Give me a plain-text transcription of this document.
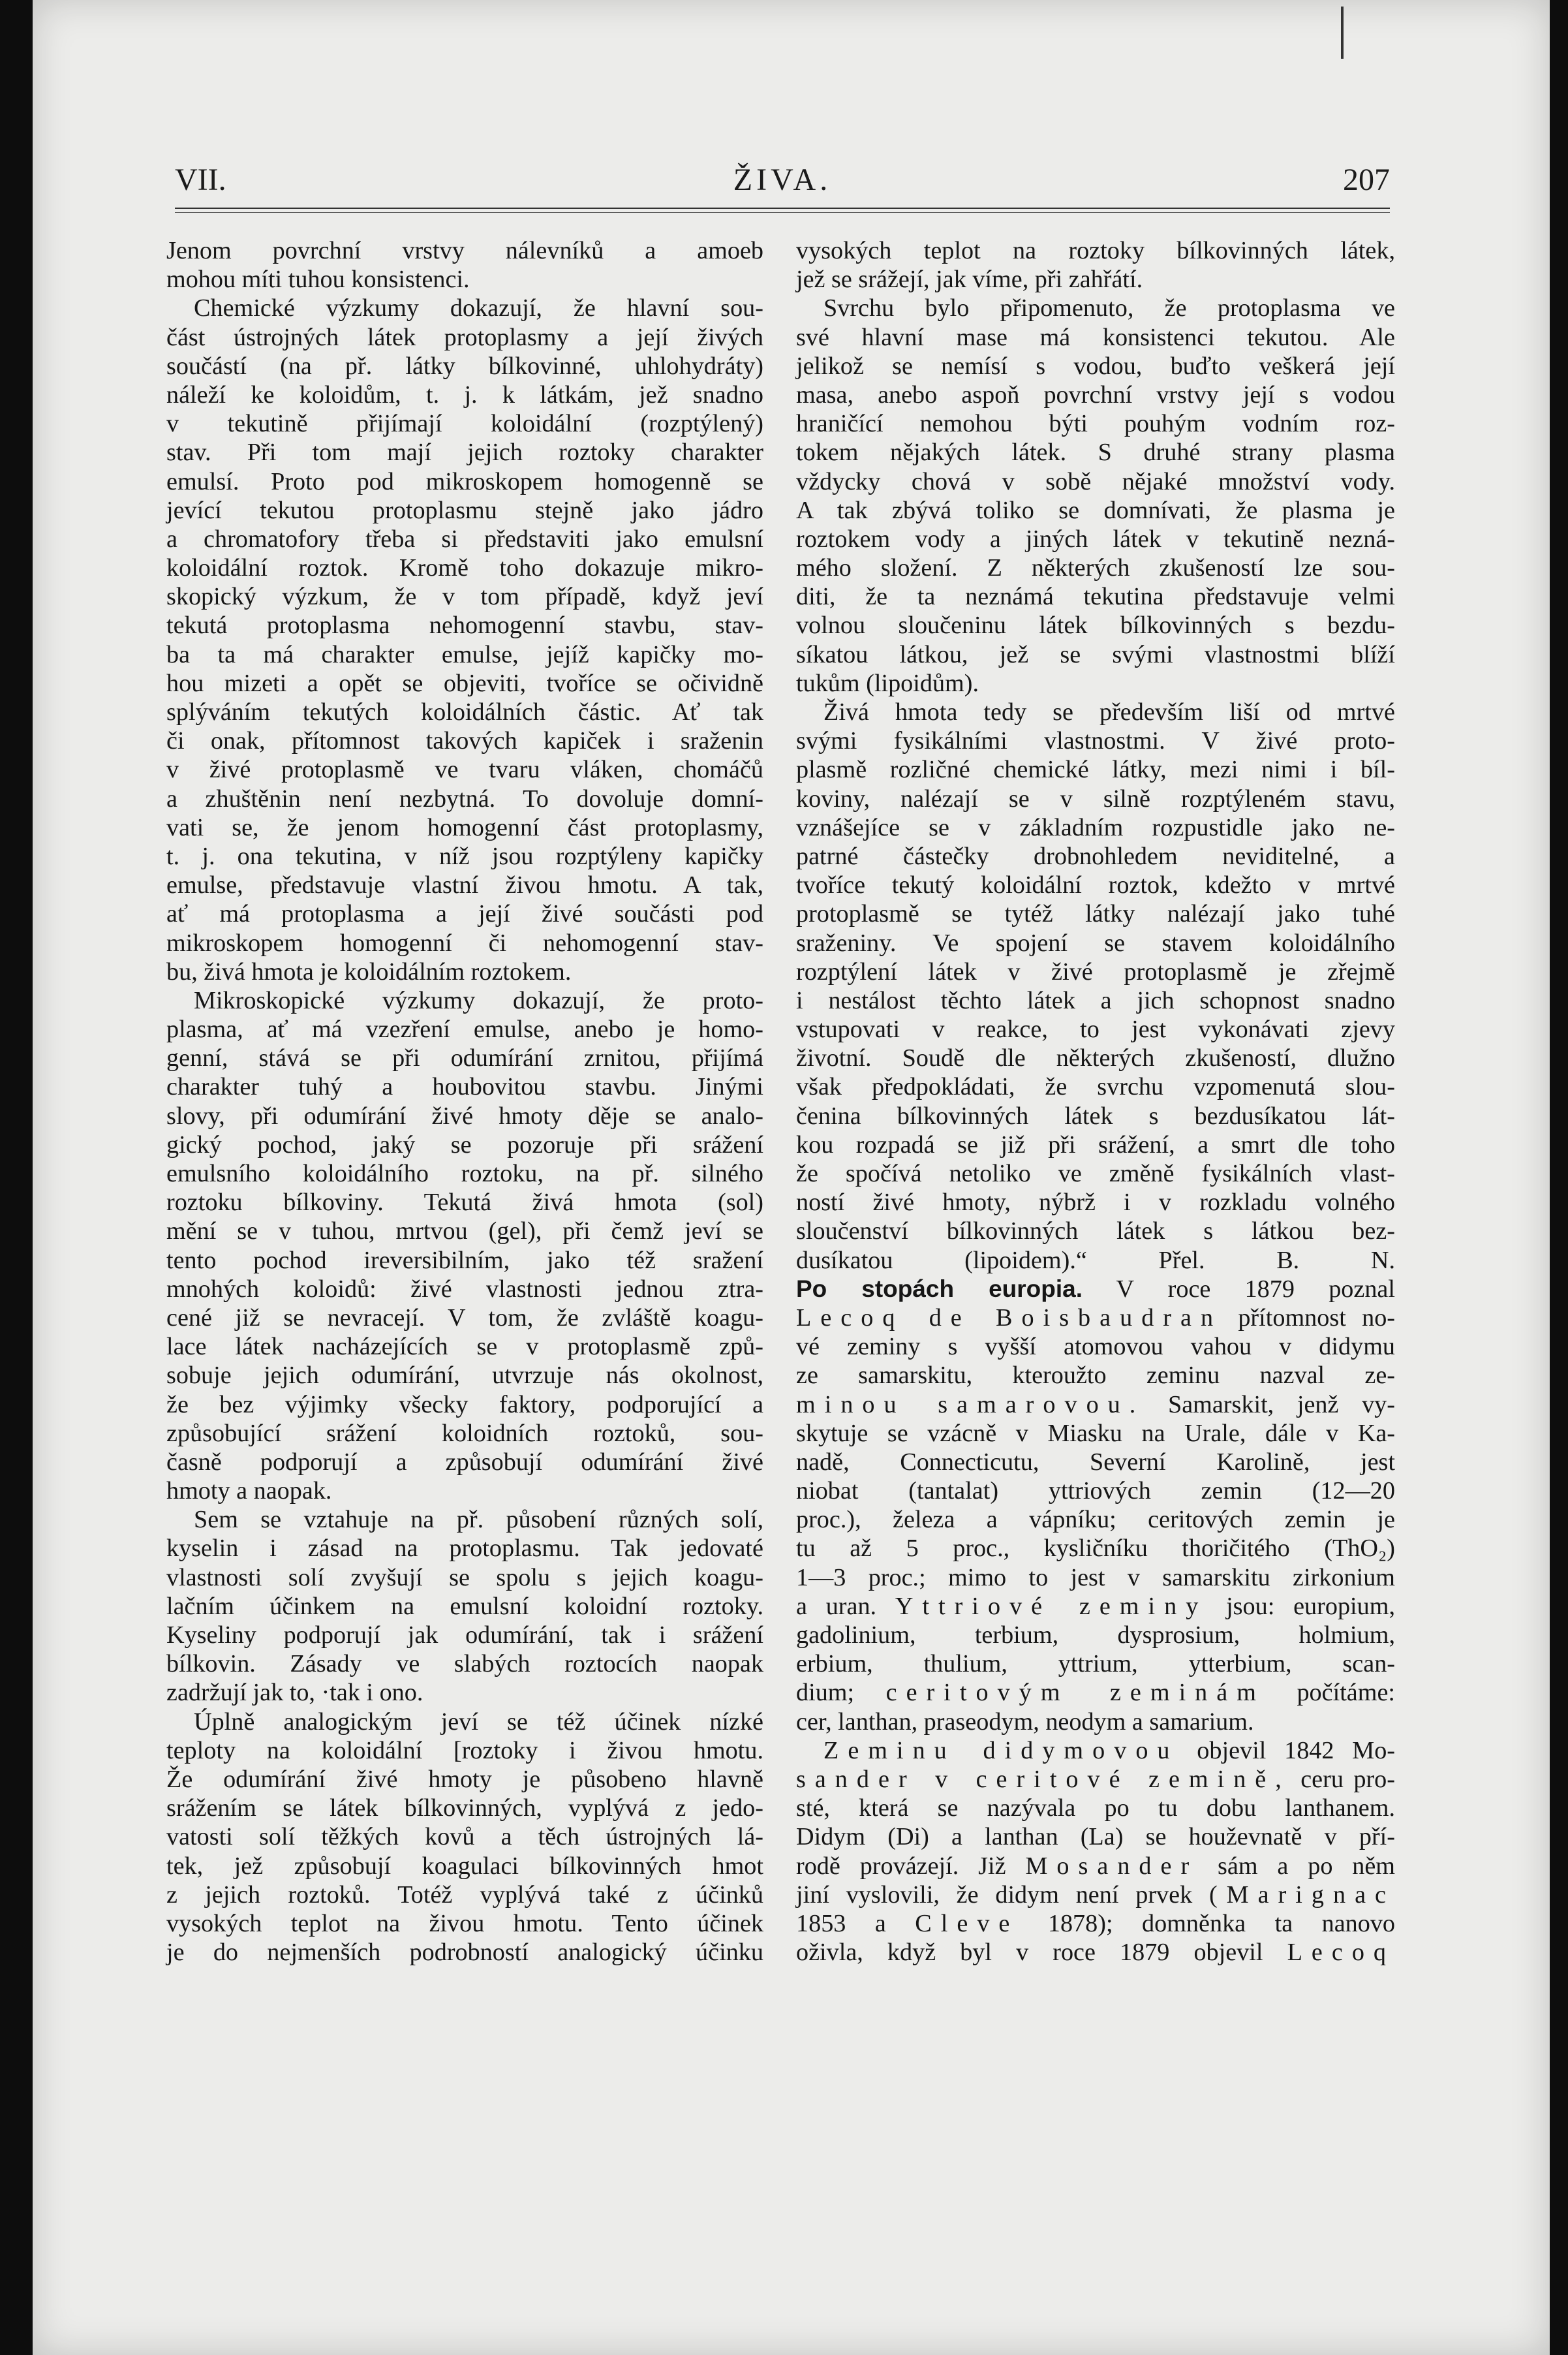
VII.	ŽIVA.	207
Jenom povrchní vrstvy nálevníků a amoeb
mohou míti tuhou konsistenci.
Chemické výzkumy dokazují, že hlavní sou-
část ústrojných látek protoplasmy a její živých
součástí (na př. látky bílkovinné, uhlohydráty)
náleží ke koloidům, t. j. k látkám, jež snadno
v tekutině přijímají koloidální (rozptýlený)
stav. Při tom mají jejich roztoky charakter
emulsí. Proto pod mikroskopem homogenně se
jevící tekutou protoplasmu stejně jako jádro
a chromatofory třeba si představiti jako emulsní
koloidální roztok. Kromě toho dokazuje mikro-
skopický výzkum, že v tom případě, když jeví
tekutá protoplasma nehomogenní stavbu, stav-
ba ta má charakter emulse, jejíž kapičky mo-
hou mizeti a opět se objeviti, tvoříce se očividně
splýváním tekutých koloidálních částic. Ať tak
či onak, přítomnost takových kapiček i sraženin
v živé protoplasmě ve tvaru vláken, chomáčů
a zhuštěnin není nezbytná. To dovoluje domní-
vati se, že jenom homogenní část protoplasmy,
t. j. ona tekutina, v níž jsou rozptýleny kapičky
emulse, představuje vlastní živou hmotu. A tak,
ať má protoplasma a její živé součásti pod
mikroskopem homogenní či nehomogenní stav-
bu, živá hmota je koloidálním roztokem.
Mikroskopické výzkumy dokazují, že proto-
plasma, ať má vzezření emulse, anebo je homo-
genní, stává se při odumírání zrnitou, přijímá
charakter tuhý a houbovitou stavbu. Jinými
slovy, při odumírání živé hmoty děje se analo-
gický pochod, jaký se pozoruje při srážení
emulsního koloidálního roztoku, na př. silného
roztoku bílkoviny. Tekutá živá hmota (sol)
mění se v tuhou, mrtvou (gel), při čemž jeví se
tento pochod ireversibilním, jako též sražení
mnohých koloidů: živé vlastnosti jednou ztra-
cené již se nevracejí. V tom, že zvláště koagu-
lace látek nacházejících se v protoplasmě způ-
sobuje jejich odumírání, utvrzuje nás okolnost,
že bez výjimky všecky faktory, podporující a
způsobující srážení koloidních roztoků, sou-
časně podporují a způsobují odumírání živé
hmoty a naopak.
Sem se vztahuje na př. působení různých solí,
kyselin i zásad na protoplasmu. Tak jedovaté
vlastnosti solí zvyšují se spolu s jejich koagu-
lačním účinkem na emulsní koloidní roztoky.
Kyseliny podporují jak odumírání, tak i srážení
bílkovin. Zásady ve slabých roztocích naopak
zadržují jak to, ·tak i ono.
Úplně analogickým jeví se též účinek nízké
teploty na koloidální [roztoky i živou hmotu.
Že odumírání živé hmoty je působeno hlavně
srážením se látek bílkovinných, vyplývá z jedo-
vatosti solí těžkých kovů a těch ústrojných lá-
tek, jež způsobují koagulaci bílkovinných hmot
z jejich roztoků. Totéž vyplývá také z účinků
vysokých teplot na živou hmotu. Tento účinek
je do nejmenších podrobností analogický účinku
vysokých teplot na roztoky bílkovinných látek,
jež se srážejí, jak víme, při zahřátí.
Svrchu bylo připomenuto, že protoplasma ve
své hlavní mase má konsistenci tekutou. Ale
jelikož se nemísí s vodou, buďto veškerá její
masa, anebo aspoň povrchní vrstvy její s vodou
hraničící nemohou býti pouhým vodním roz-
tokem nějakých látek. S druhé strany plasma
vždycky chová v sobě nějaké množství vody.
A tak zbývá toliko se domnívati, že plasma je
roztokem vody a jiných látek v tekutině nezná-
mého složení. Z některých zkušeností lze sou-
diti, že ta neznámá tekutina představuje velmi
volnou sloučeninu látek bílkovinných s bezdu-
síkatou látkou, jež se svými vlastnostmi blíží
tukům (lipoidům).
Živá hmota tedy se především liší od mrtvé
svými fysikálními vlastnostmi. V živé proto-
plasmě rozličné chemické látky, mezi nimi i bíl-
koviny, nalézají se v silně rozptýleném stavu,
vznášejíce se v základním rozpustidle jako ne-
patrné částečky drobnohledem neviditelné, a
tvoříce tekutý koloidální roztok, kdežto v mrtvé
protoplasmě se tytéž látky nalézají jako tuhé
sraženiny. Ve spojení se stavem koloidálního
rozptýlení látek v živé protoplasmě je zřejmě
i nestálost těchto látek a jich schopnost snadno
vstupovati v reakce, to jest vykonávati zjevy
životní. Soudě dle některých zkušeností, dlužno
však předpokládati, že svrchu vzpomenutá slou-
čenina bílkovinných látek s bezdusíkatou lát-
kou rozpadá se již při srážení, a smrt dle toho
že spočívá netoliko ve změně fysikálních vlast-
ností živé hmoty, nýbrž i v rozkladu volného
sloučenství bílkovinných látek s látkou bez-
dusíkatou (lipoidem).“ Přel. B. N.
Po stopách europia. V roce 1879 poznal
Lecoq de Boisbaudran přítomnost no-
vé zeminy s vyšší atomovou vahou v didymu
ze samarskitu, kteroužto zeminu nazval ze-
minou samarovou. Samarskit, jenž vy-
skytuje se vzácně v Miasku na Urale, dále v Ka-
nadě, Connecticutu, Severní Karolině, jest
niobat (tantalat) yttriových zemin (12—20
proc.), železa a vápníku; ceritových zemin je
tu až 5 proc., kysličníku thoričitého (ThO₂)
1—3 proc.; mimo to jest v samarskitu zirkonium
a uran. Yttriové zeminy jsou: europium,
gadolinium, terbium, dysprosium, holmium,
erbium, thulium, yttrium, ytterbium, scan-
dium; ceritovým zeminám počítáme:
cer, lanthan, praseodym, neodym a samarium.
Zeminu didymovou objevil 1842 Mo-
sander v ceritové zemině, ceru pro-
sté, která se nazývala po tu dobu lanthanem.
Didym (Di) a lanthan (La) se houževnatě v pří-
rodě provázejí. Již Mosander sám a po něm
jiní vyslovili, že didym není prvek (Marignac
1853 a Cleve 1878); domněnka ta nanovo
oživla, když byl v roce 1879 objevil Lecoq
